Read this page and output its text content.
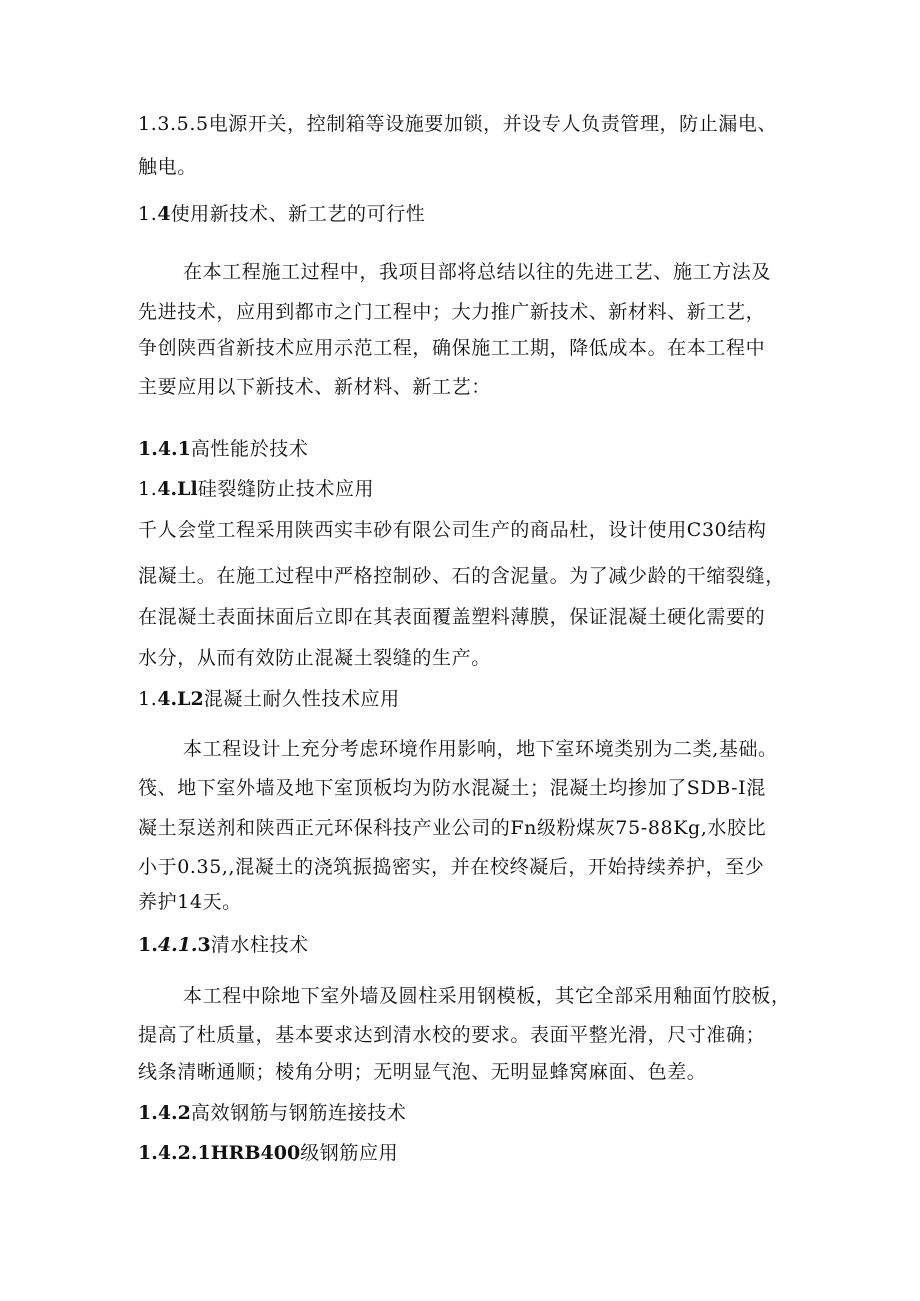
1.3.5.5电源开关，控制箱等设施要加锁，并设专人负责管理，防止漏电、
触电。
1.4使用新技术、新工艺的可行性
在本工程施工过程中，我项目部将总结以往的先进工艺、施工方法及
先进技术，应用到都市之门工程中；大力推广新技术、新材料、新工艺，
争创陕西省新技术应用示范工程，确保施工工期，降低成本。在本工程中
主要应用以下新技术、新材料、新工艺：
1.4.1高性能於技术
1.4.Ll硅裂缝防止技术应用
千人会堂工程采用陕西实丰砂有限公司生产的商品杜，设计使用C30结构
混凝土。在施工过程中严格控制砂、石的含泥量。为了减少龄的干缩裂缝，
在混凝土表面抹面后立即在其表面覆盖塑料薄膜，保证混凝土硬化需要的
水分，从而有效防止混凝土裂缝的生产。
1.4.L2混凝土耐久性技术应用
本工程设计上充分考虑环境作用影响，地下室环境类别为二类,基础。
筏、地下室外墙及地下室顶板均为防水混凝土；混凝土均掺加了SDB-I混
凝土泵送剂和陕西正元环保科技产业公司的Fn级粉煤灰75-88Kg,水胶比
小于0.35,,混凝土的浇筑振捣密实，并在校终凝后，开始持续养护，至少
养护14天。
1.4.1.3清水柱技术
本工程中除地下室外墙及圆柱采用钢模板，其它全部采用釉面竹胶板，
提高了杜质量，基本要求达到清水校的要求。表面平整光滑，尺寸准确；
线条清晰通顺；棱角分明；无明显气泡、无明显蜂窝麻面、色差。
1.4.2高效钢筋与钢筋连接技术
1.4.2.1HRB400级钢筋应用
